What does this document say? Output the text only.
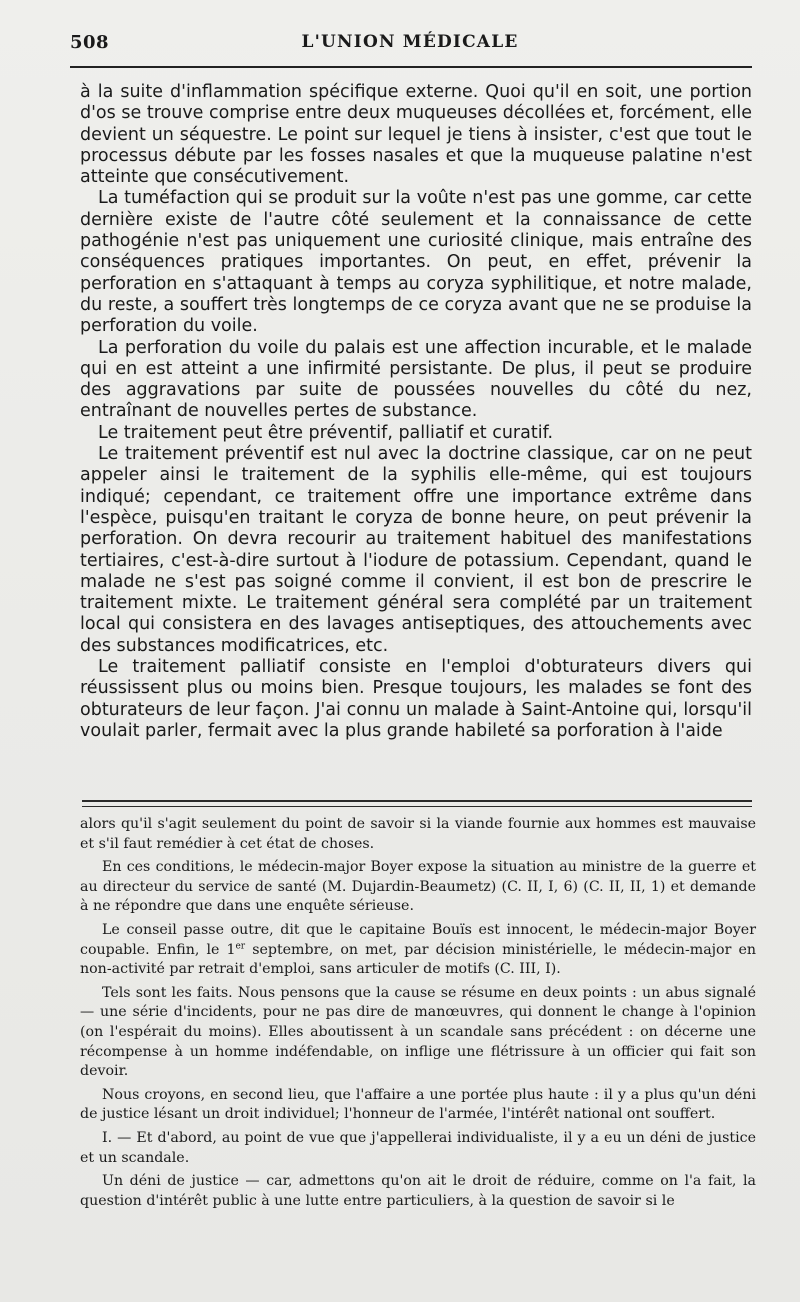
508	L'UNION MÉDICALE

à la suite d'inflammation spécifique externe. Quoi qu'il en soit, une portion d'os se trouve comprise entre deux muqueuses décollées et, forcément, elle devient un séquestre. Le point sur lequel je tiens à insister, c'est que tout le processus débute par les fosses nasales et que la muqueuse palatine n'est atteinte que consécutivement.

La tuméfaction qui se produit sur la voûte n'est pas une gomme, car cette dernière existe de l'autre côté seulement et la connaissance de cette pathogénie n'est pas uniquement une curiosité clinique, mais entraîne des conséquences pratiques importantes. On peut, en effet, prévenir la perforation en s'attaquant à temps au coryza syphilitique, et notre malade, du reste, a souffert très longtemps de ce coryza avant que ne se produise la perforation du voile.

La perforation du voile du palais est une affection incurable, et le malade qui en est atteint a une infirmité persistante. De plus, il peut se produire des aggravations par suite de poussées nouvelles du côté du nez, entraînant de nouvelles pertes de substance.

Le traitement peut être préventif, palliatif et curatif.

Le traitement préventif est nul avec la doctrine classique, car on ne peut appeler ainsi le traitement de la syphilis elle-même, qui est toujours indiqué; cependant, ce traitement offre une importance extrême dans l'espèce, puisqu'en traitant le coryza de bonne heure, on peut prévenir la perforation. On devra recourir au traitement habituel des manifestations tertiaires, c'est-à-dire surtout à l'iodure de potassium. Cependant, quand le malade ne s'est pas soigné comme il convient, il est bon de prescrire le traitement mixte. Le traitement général sera complété par un traitement local qui consistera en des lavages antiseptiques, des attouchements avec des substances modificatrices, etc.

Le traitement palliatif consiste en l'emploi d'obturateurs divers qui réussissent plus ou moins bien. Presque toujours, les malades se font des obturateurs de leur façon. J'ai connu un malade à Saint-Antoine qui, lorsqu'il voulait parler, fermait avec la plus grande habileté sa porforation à l'aide

alors qu'il s'agit seulement du point de savoir si la viande fournie aux hommes est mauvaise et s'il faut remédier à cet état de choses.

En ces conditions, le médecin-major Boyer expose la situation au ministre de la guerre et au directeur du service de santé (M. Dujardin-Beaumetz) (C. II, I, 6) (C. II, II, 1) et demande à ne répondre que dans une enquête sérieuse.

Le conseil passe outre, dit que le capitaine Bouïs est innocent, le médecin-major Boyer coupable. Enfin, le 1er septembre, on met, par décision ministérielle, le médecin-major en non-activité par retrait d'emploi, sans articuler de motifs (C. III, I).

Tels sont les faits. Nous pensons que la cause se résume en deux points : un abus signalé — une série d'incidents, pour ne pas dire de manœuvres, qui donnent le change à l'opinion (on l'espérait du moins). Elles aboutissent à un scandale sans précédent : on décerne une récompense à un homme indéfendable, on inflige une flétrissure à un officier qui fait son devoir.

Nous croyons, en second lieu, que l'affaire a une portée plus haute : il y a plus qu'un déni de justice lésant un droit individuel; l'honneur de l'armée, l'intérêt national ont souffert.

I. — Et d'abord, au point de vue que j'appellerai individualiste, il y a eu un déni de justice et un scandale.

Un déni de justice — car, admettons qu'on ait le droit de réduire, comme on l'a fait, la question d'intérêt public à une lutte entre particuliers, à la question de savoir si le
